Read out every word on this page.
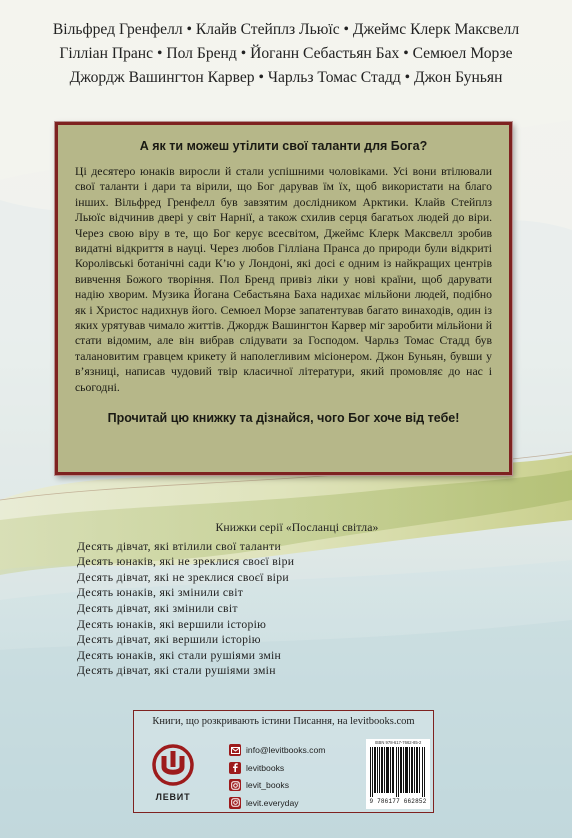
Вільфред Гренфелл • Клайв Стейплз Льюїс • Джеймс Клерк Максвелл
Гілліан Пранс • Пол Бренд • Йоганн Себастьян Бах • Семюел Морзе
Джордж Вашингтон Карвер • Чарльз Томас Стадд • Джон Буньян
А як ти можеш утілити свої таланти для Бога?

Ці десятеро юнаків виросли й стали успішними чоловіками. Усі вони втілювали свої таланти і дари та вірили, що Бог дарував їм їх, щоб використати на благо інших. Вільфред Гренфелл був завзятим дослідником Арктики. Клайв Стейплз Льюїс відчинив двері у світ Нарнії, а також схилив серця багатьох людей до віри. Через свою віру в те, що Бог керує всесвітом, Джеймс Клерк Максвелл зробив видатні відкриття в науці. Через любов Гілліана Пранса до природи були відкриті Королівські ботанічні сади К’ю у Лондоні, які досі є одним із найкращих центрів вивчення Божого творіння. Пол Бренд привіз ліки у нові країни, щоб дарувати надію хворим. Музика Йогана Себастьяна Баха надихає мільйони людей, подібно як і Христос надихнув його. Семюел Морзе запатентував багато винаходів, один із яких урятував чимало життів. Джордж Вашингтон Карвер міг заробити мільйони й стати відомим, але він вибрав слідувати за Господом. Чарльз Томас Стадд був талановитим гравцем крикету й наполегливим місіонером. Джон Буньян, бувши у в’язниці, написав чудовий твір класичної літератури, який промовляє до нас і сьогодні.

Прочитай цю книжку та дізнайся, чого Бог хоче від тебе!
Книжки серії «Посланці світла»
Десять дівчат, які втілили свої таланти
Десять юнаків, які не зреклися своєї віри
Десять дівчат, які не зреклися своєї віри
Десять юнаків, які змінили світ
Десять дівчат, які змінили світ
Десять юнаків, які вершили історію
Десять дівчат, які вершили історію
Десять юнаків, які стали рушіями змін
Десять дівчат, які стали рушіями змін
Книги, що розкривають істини Писання, на levitbooks.com
ЛЕВИТ
info@levitbooks.com
levitbooks
levit_books
levit.everyday
ISBN 978-617-7662-85-2
9 786177 662852
